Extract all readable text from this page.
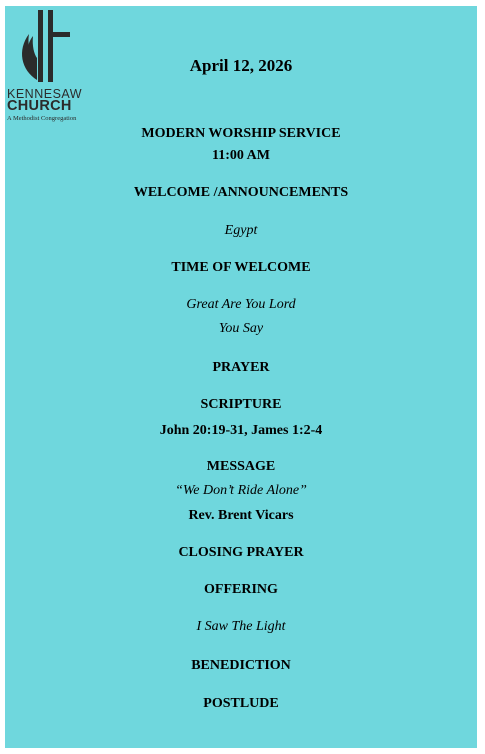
KENNESAW
CHURCH
A Methodist Congregation
April 12, 2026
MODERN WORSHIP SERVICE
11:00 AM
WELCOME /ANNOUNCEMENTS
Egypt
TIME OF WELCOME
Great Are You Lord
You Say
PRAYER
SCRIPTURE
John 20:19-31, James 1:2-4
MESSAGE
“We Don’t Ride Alone”
Rev. Brent Vicars
CLOSING PRAYER
OFFERING
I Saw The Light
BENEDICTION
POSTLUDE
